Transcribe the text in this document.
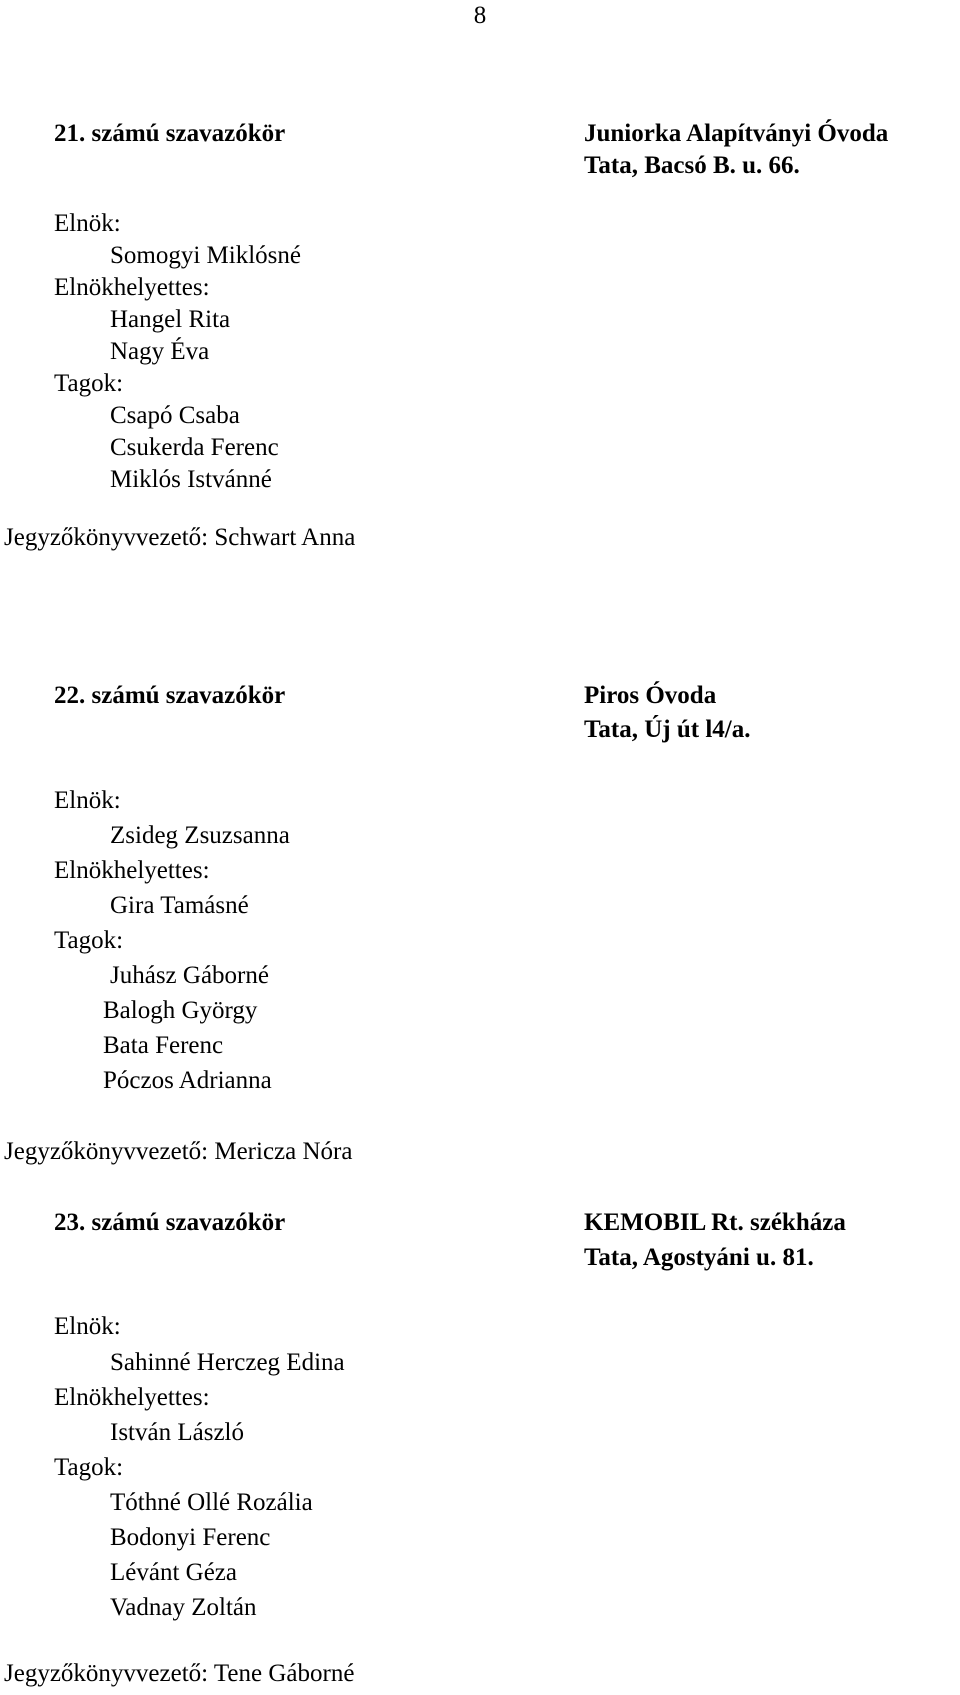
8
21. számú szavazókör	Juniorka Alapítványi Óvoda
Tata, Bacsó B. u. 66.
Elnök:
Somogyi Miklósné
Elnökhelyettes:
Hangel Rita
Nagy Éva
Tagok:
Csapó Csaba
Csukerda Ferenc
Miklós Istvánné
Jegyzőkönyvvezető: Schwart Anna
22. számú szavazókör	Piros Óvoda
Tata, Új út l4/a.
Elnök:
Zsideg Zsuzsanna
Elnökhelyettes:
Gira Tamásné
Tagok:
Juhász Gáborné
Balogh György
Bata Ferenc
Póczos Adrianna
Jegyzőkönyvvezető: Mericza Nóra
23. számú szavazókör	KEMOBIL Rt. székháza
Tata, Agostyáni u. 81.
Elnök:
Sahinné Herczeg Edina
Elnökhelyettes:
István László
Tagok:
Tóthné Ollé Rozália
Bodonyi Ferenc
Lévánt Géza
Vadnay Zoltán
Jegyzőkönyvvezető: Tene Gáborné
